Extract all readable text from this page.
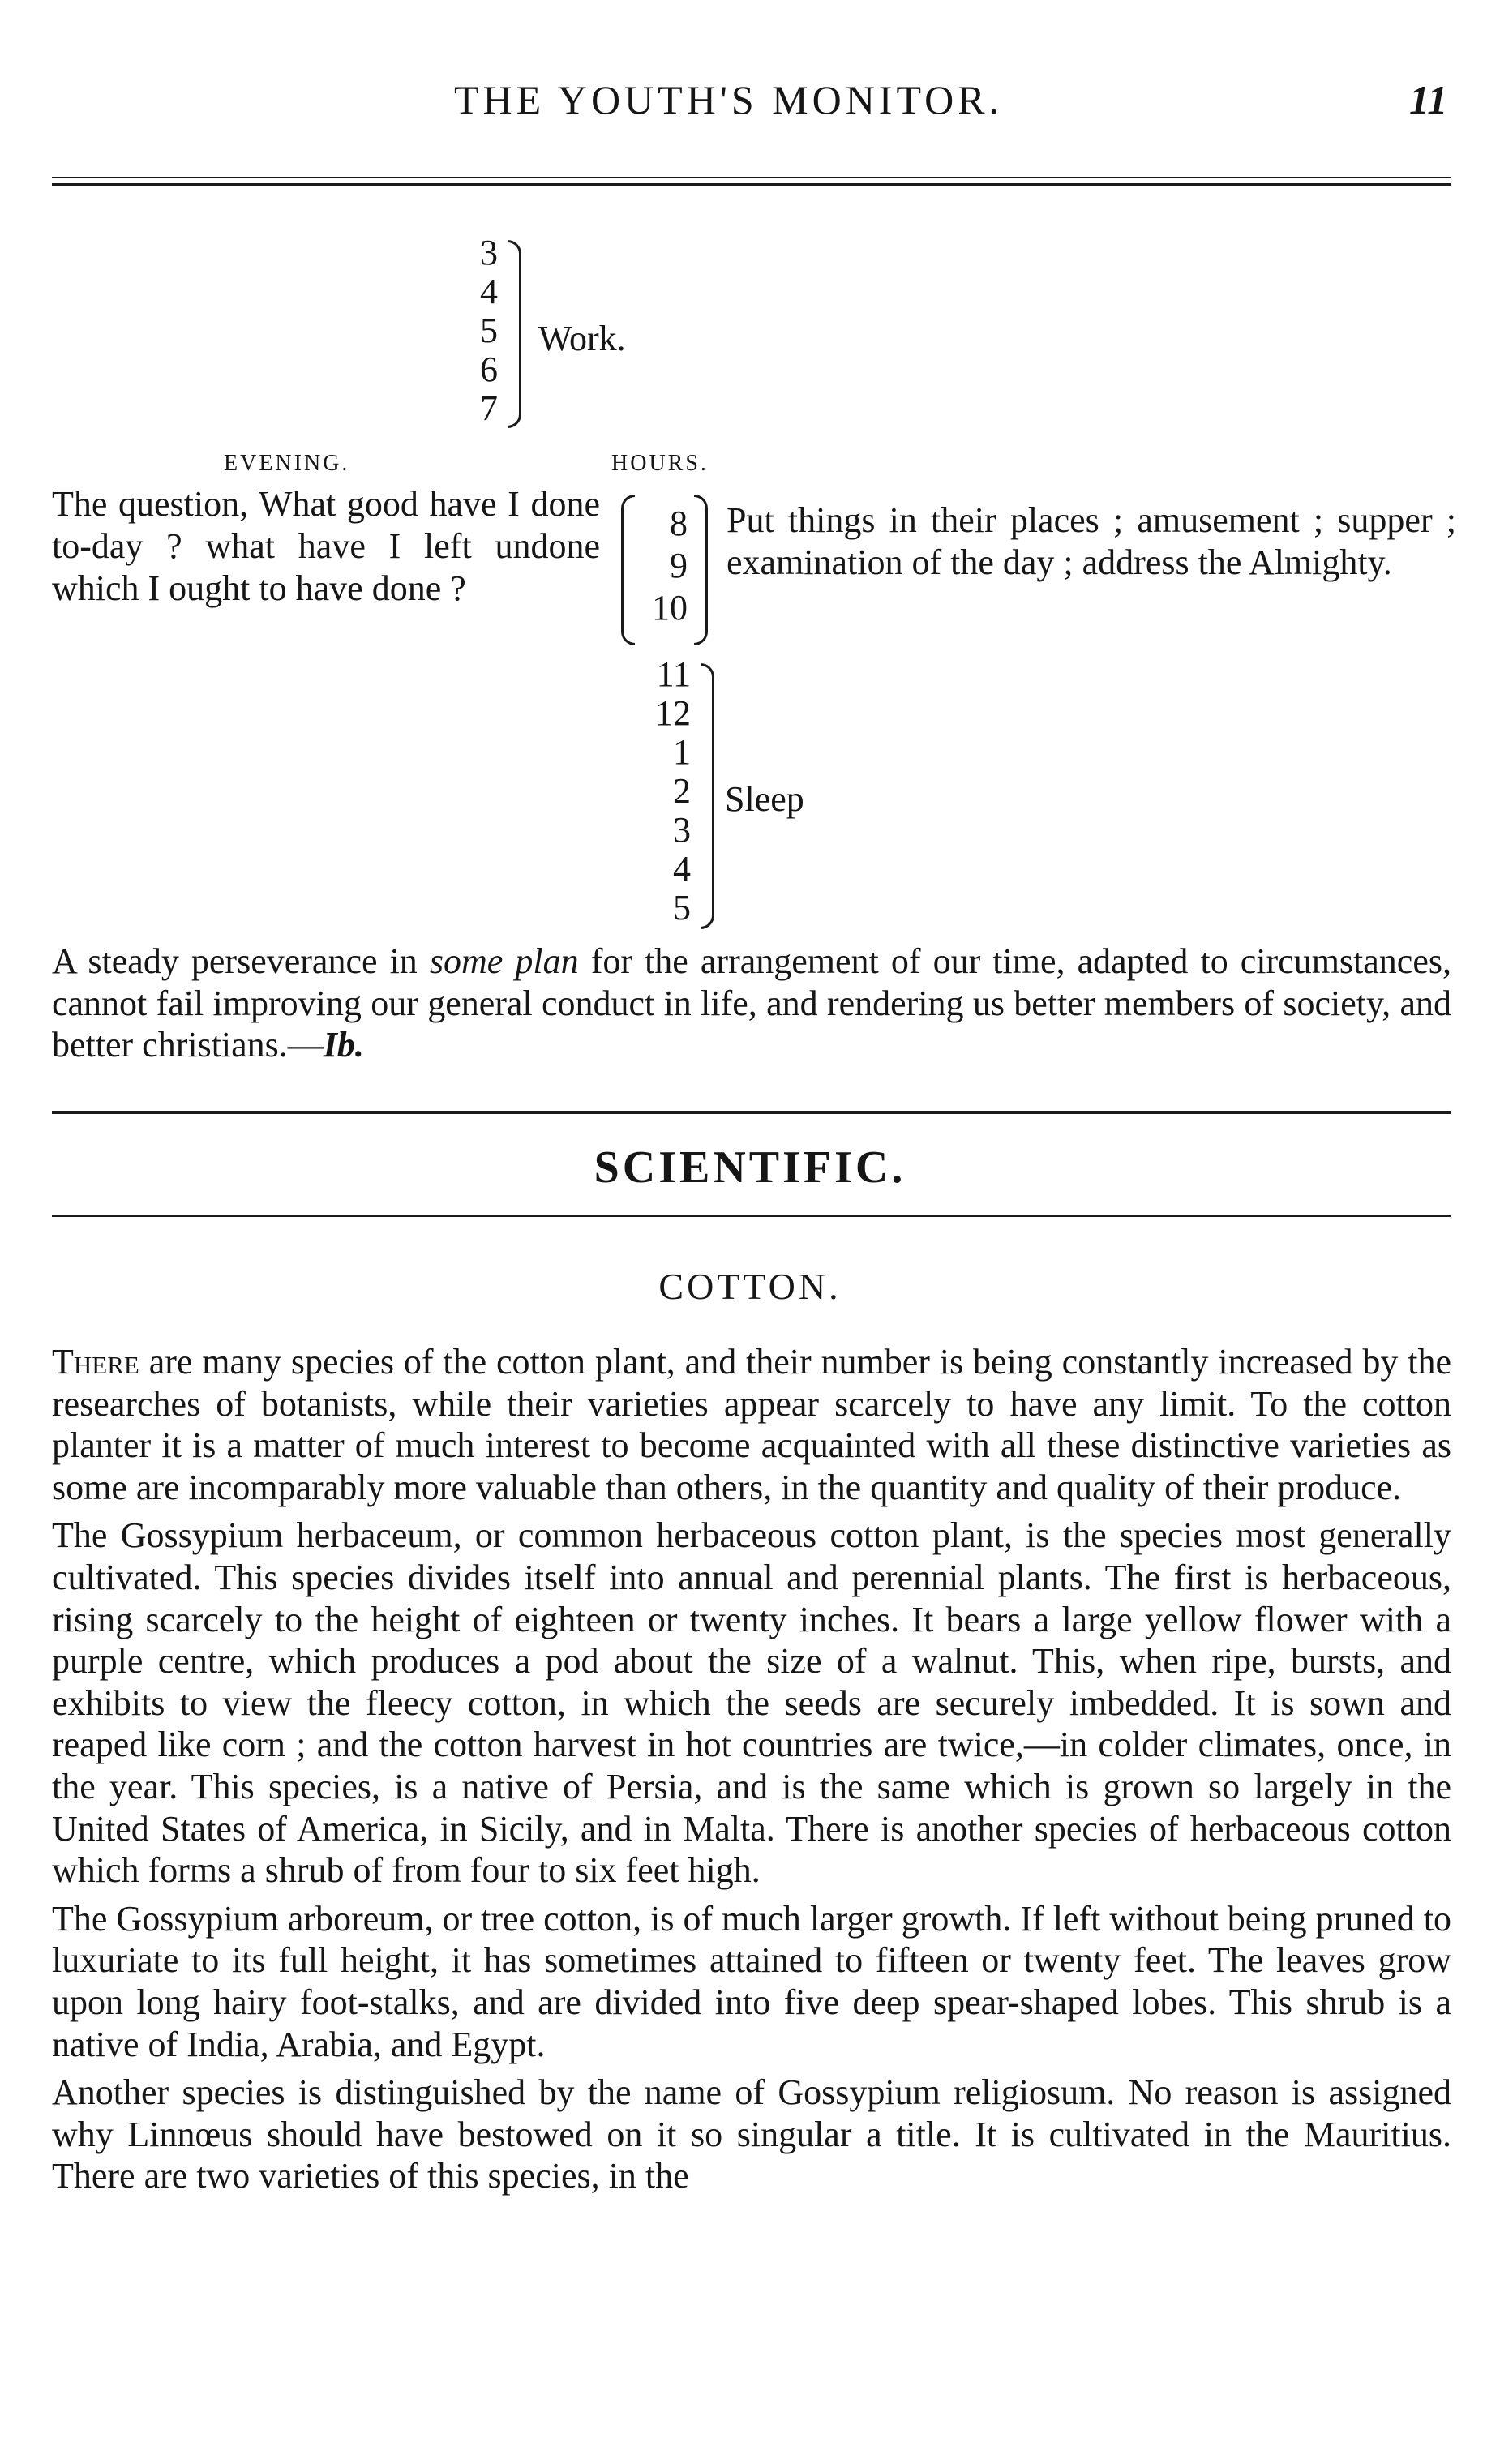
THE YOUTH'S MONITOR.	11
3
4
5
6
7
Work.
EVENING.	HOURS.
The question, What good have I done to-day ? what have I left undone which I ought to have done ?
8
9
10
Put things in their places ; amusement ; supper ; examination of the day ; address the Almighty.
11
12
1
2
3
4
5
Sleep
A steady perseverance in some plan for the arrangement of our time, adapted to circumstances, cannot fail improving our general conduct in life, and rendering us better members of society, and better christians.—Ib.
SCIENTIFIC.
COTTON.

There are many species of the cotton plant, and their number is being constantly increased by the researches of botanists, while their varieties appear scarcely to have any limit. To the cotton planter it is a matter of much interest to become acquainted with all these distinctive varieties as some are incomparably more valuable than others, in the quantity and quality of their produce.

The Gossypium herbaceum, or common herbaceous cotton plant, is the species most generally cultivated. This species divides itself into annual and perennial plants. The first is herbaceous, rising scarcely to the height of eighteen or twenty inches. It bears a large yellow flower with a purple centre, which produces a pod about the size of a walnut. This, when ripe, bursts, and exhibits to view the fleecy cotton, in which the seeds are securely imbedded. It is sown and reaped like corn ; and the cotton harvest in hot countries are twice,—in colder climates, once, in the year. This species, is a native of Persia, and is the same which is grown so largely in the United States of America, in Sicily, and in Malta. There is another species of herbaceous cotton which forms a shrub of from four to six feet high.

The Gossypium arboreum, or tree cotton, is of much larger growth. If left without being pruned to luxuriate to its full height, it has sometimes attained to fifteen or twenty feet. The leaves grow upon long hairy foot-stalks, and are divided into five deep spear-shaped lobes. This shrub is a native of India, Arabia, and Egypt.

Another species is distinguished by the name of Gossypium religiosum. No reason is assigned why Linnœus should have bestowed on it so singular a title. It is cultivated in the Mauritius. There are two varieties of this species, in the
